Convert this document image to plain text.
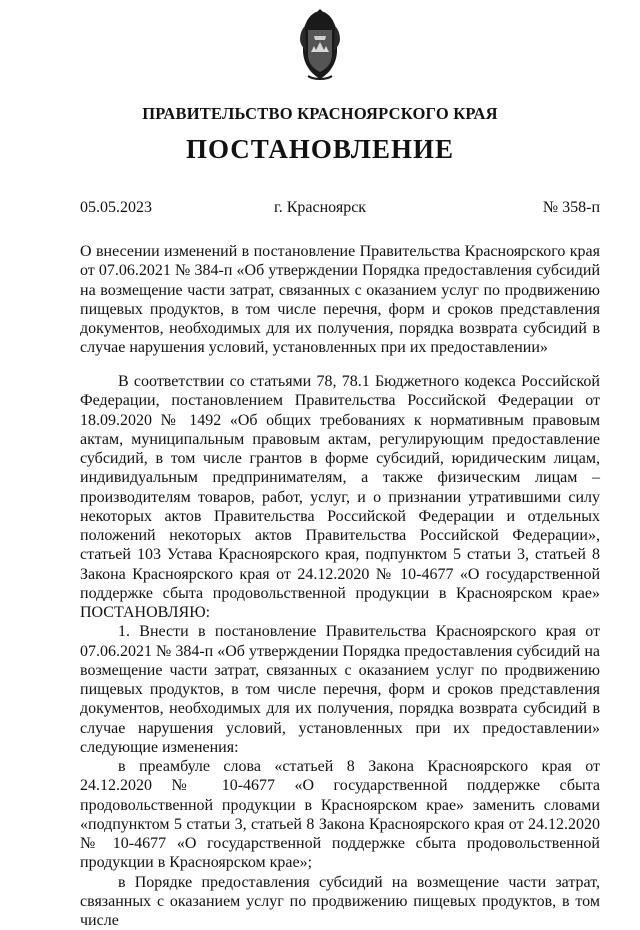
ПРАВИТЕЛЬСТВО КРАСНОЯРСКОГО КРАЯ
ПОСТАНОВЛЕНИЕ
05.05.2023	г. Красноярск	№ 358-п
О внесении изменений в постановление Правительства Красноярского края от 07.06.2021 № 384-п «Об утверждении Порядка предоставления субсидий на возмещение части затрат, связанных с оказанием услуг по продвижению пищевых продуктов, в том числе перечня, форм и сроков представления документов, необходимых для их получения, порядка возврата субсидий в случае нарушения условий, установленных при их предоставлении»

В соответствии со статьями 78, 78.1 Бюджетного кодекса Российской Федерации, постановлением Правительства Российской Федерации от 18.09.2020 № 1492 «Об общих требованиях к нормативным правовым актам, муниципальным правовым актам, регулирующим предоставление субсидий, в том числе грантов в форме субсидий, юридическим лицам, индивидуальным предпринимателям, а также физическим лицам – производителям товаров, работ, услуг, и о признании утратившими силу некоторых актов Правительства Российской Федерации и отдельных положений некоторых актов Правительства Российской Федерации», статьей 103 Устава Красноярского края, подпунктом 5 статьи 3, статьей 8 Закона Красноярского края от 24.12.2020 № 10-4677 «О государственной поддержке сбыта продовольственной продукции в Красноярском крае» ПОСТАНОВЛЯЮ:

1. Внести в постановление Правительства Красноярского края от 07.06.2021 № 384-п «Об утверждении Порядка предоставления субсидий на возмещение части затрат, связанных с оказанием услуг по продвижению пищевых продуктов, в том числе перечня, форм и сроков представления документов, необходимых для их получения, порядка возврата субсидий в случае нарушения условий, установленных при их предоставлении» следующие изменения:

в преамбуле слова «статьей 8 Закона Красноярского края от 24.12.2020 № 10-4677 «О государственной поддержке сбыта продовольственной продукции в Красноярском крае» заменить словами «подпунктом 5 статьи 3, статьей 8 Закона Красноярского края от 24.12.2020 № 10-4677 «О государственной поддержке сбыта продовольственной продукции в Красноярском крае»;

в Порядке предоставления субсидий на возмещение части затрат, связанных с оказанием услуг по продвижению пищевых продуктов, в том числе
